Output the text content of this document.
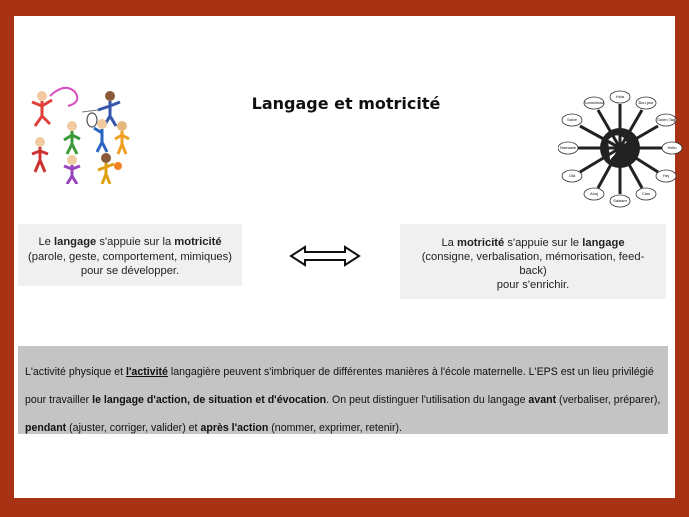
Langage et motricité	Hola
Bon-jour
Guten Tag
Hello
Hej
Ciao
Salaam
Ahoj
Olá
Namaste
Salve
Konnichiwa
Le langage s'appuie sur la motricité
(parole, geste, comportement, mimiques)
pour se développer.
La motricité s'appuie sur le langage
(consigne, verbalisation, mémorisation, feed-
back)
pour s'enrichir.
L'activité physique et l'activité langagière peuvent s'imbriquer de différentes manières à l'école maternelle. L'EPS est un lieu privilégié pour travailler le langage d'action, de situation et d'évocation. On peut distinguer l'utilisation du langage avant (verbaliser, préparer), pendant (ajuster, corriger, valider) et après l'action (nommer, exprimer, retenir).
